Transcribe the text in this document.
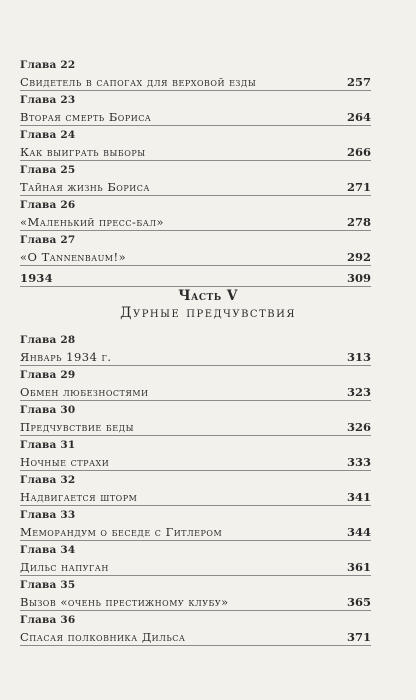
Глава 22
Свидетель в сапогах для верховой езды	257
Глава 23
Вторая смерть Бориса	264
Глава 24
Как выиграть выборы	266
Глава 25
Тайная жизнь Бориса	271
Глава 26
«Маленький пресс-бал»	278
Глава 27
«О Tannenbaum!»	292
1934	309
Часть V
Дурные предчувствия
Глава 28
Январь 1934 г.	313
Глава 29
Обмен любезностями	323
Глава 30
Предчувствие беды	326
Глава 31
Ночные страхи	333
Глава 32
Надвигается шторм	341
Глава 33
Меморандум о беседе с Гитлером	344
Глава 34
Дильс напуган	361
Глава 35
Вызов «очень престижному клубу»	365
Глава 36
Спасая полковника Дильса	371
